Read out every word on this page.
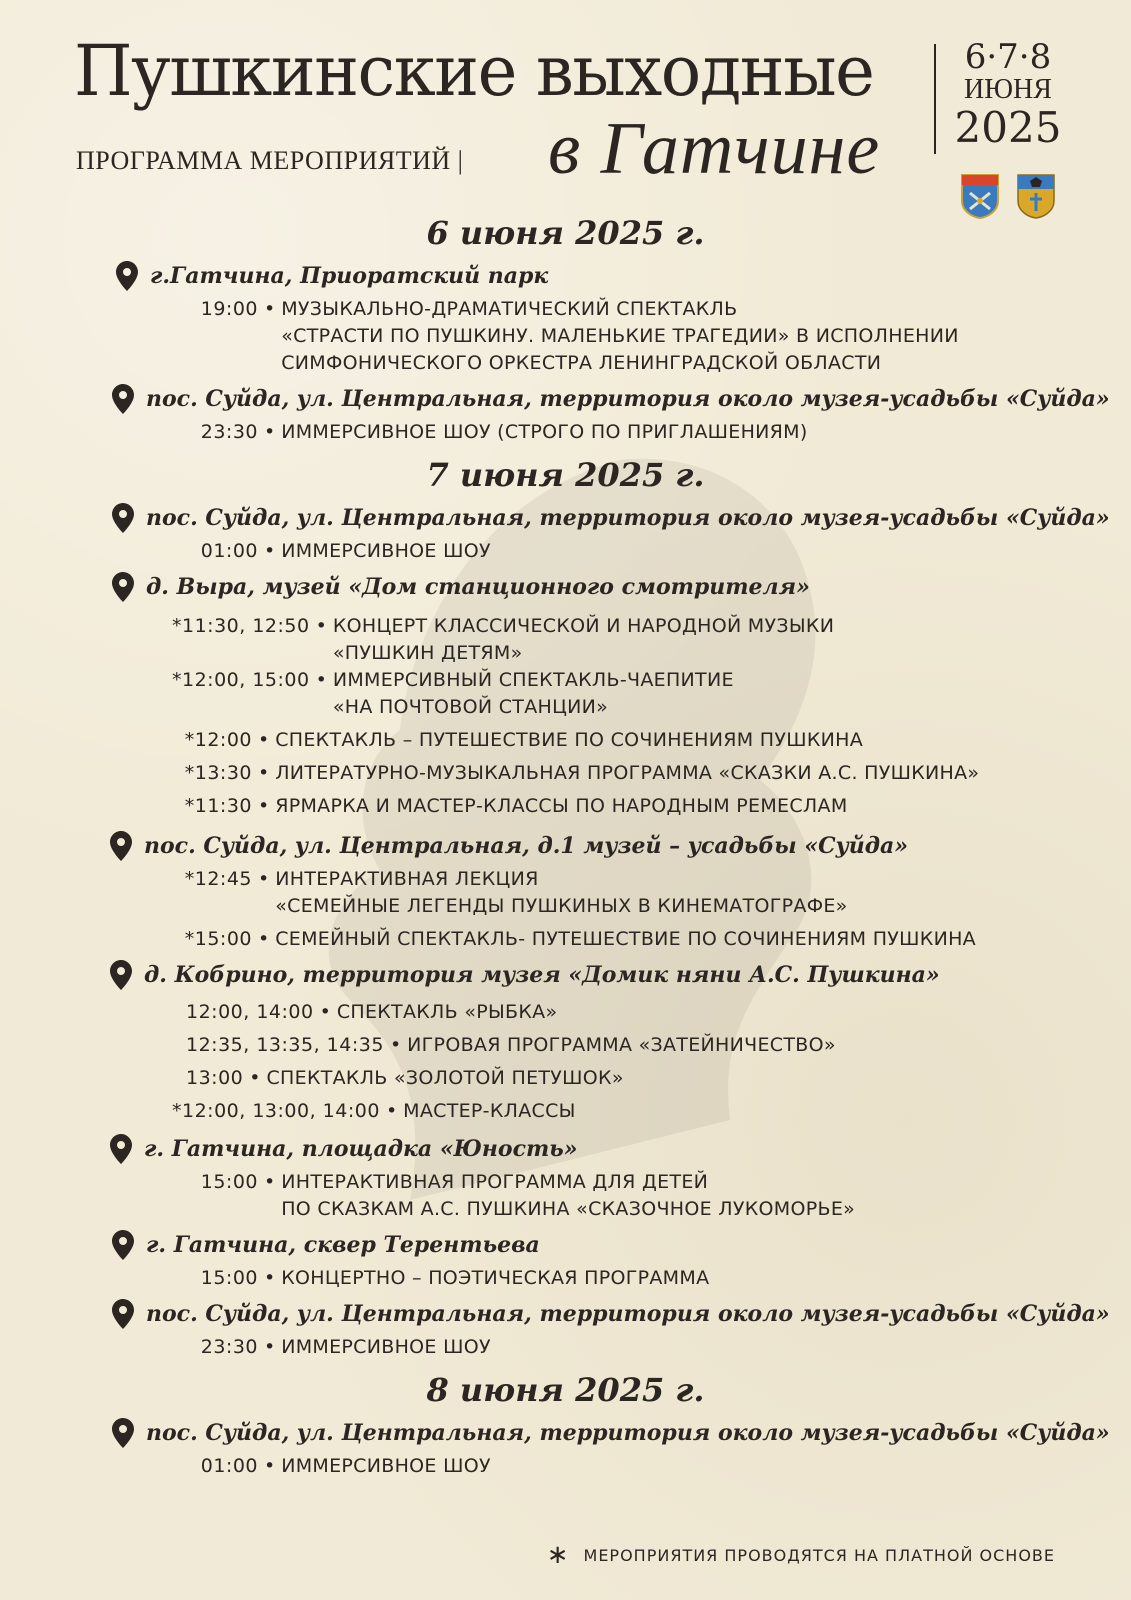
Пушкинские выходные
ПРОГРАММА МЕРОПРИЯТИЙ | в Гатчине
6·7·8
ИЮНЯ
2025
6 июня 2025 г.
г.Гатчина, Приоратский парк
19:00 • МУЗЫКАЛЬНО-ДРАМАТИЧЕСКИЙ СПЕКТАКЛЬ
«СТРАСТИ ПО ПУШКИНУ. МАЛЕНЬКИЕ ТРАГЕДИИ» В ИСПОЛНЕНИИ
СИМФОНИЧЕСКОГО ОРКЕСТРА ЛЕНИНГРАДСКОЙ ОБЛАСТИ
пос. Суйда, ул. Центральная, территория около музея-усадьбы «Суйда»
23:30 • ИММЕРСИВНОЕ ШОУ (СТРОГО ПО ПРИГЛАШЕНИЯМ)
7 июня 2025 г.
пос. Суйда, ул. Центральная, территория около музея-усадьбы «Суйда»
01:00 • ИММЕРСИВНОЕ ШОУ
д. Выра, музей «Дом станционного смотрителя»
*11:30, 12:50 • КОНЦЕРТ КЛАССИЧЕСКОЙ И НАРОДНОЙ МУЗЫКИ
«ПУШКИН ДЕТЯМ»
*12:00, 15:00 • ИММЕРСИВНЫЙ СПЕКТАКЛЬ-ЧАЕПИТИЕ
«НА ПОЧТОВОЙ СТАНЦИИ»
*12:00 • СПЕКТАКЛЬ – ПУТЕШЕСТВИЕ ПО СОЧИНЕНИЯМ ПУШКИНА
*13:30 • ЛИТЕРАТУРНО-МУЗЫКАЛЬНАЯ ПРОГРАММА «СКАЗКИ А.С. ПУШКИНА»
*11:30 • ЯРМАРКА И МАСТЕР-КЛАССЫ ПО НАРОДНЫМ РЕМЕСЛАМ
пос. Суйда, ул. Центральная, д.1 музей – усадьбы «Суйда»
*12:45 • ИНТЕРАКТИВНАЯ ЛЕКЦИЯ
«СЕМЕЙНЫЕ ЛЕГЕНДЫ ПУШКИНЫХ В КИНЕМАТОГРАФЕ»
*15:00 • СЕМЕЙНЫЙ СПЕКТАКЛЬ- ПУТЕШЕСТВИЕ ПО СОЧИНЕНИЯМ ПУШКИНА
д. Кобрино, территория музея «Домик няни А.С. Пушкина»
12:00, 14:00 • СПЕКТАКЛЬ «РЫБКА»
12:35, 13:35, 14:35 • ИГРОВАЯ ПРОГРАММА «ЗАТЕЙНИЧЕСТВО»
13:00 • СПЕКТАКЛЬ «ЗОЛОТОЙ ПЕТУШОК»
*12:00, 13:00, 14:00 • МАСТЕР-КЛАССЫ
г. Гатчина, площадка «Юность»
15:00 • ИНТЕРАКТИВНАЯ ПРОГРАММА ДЛЯ ДЕТЕЙ
ПО СКАЗКАМ А.С. ПУШКИНА «СКАЗОЧНОЕ ЛУКОМОРЬЕ»
г. Гатчина, сквер Терентьева
15:00 • КОНЦЕРТНО – ПОЭТИЧЕСКАЯ ПРОГРАММА
пос. Суйда, ул. Центральная, территория около музея-усадьбы «Суйда»
23:30 • ИММЕРСИВНОЕ ШОУ
8 июня 2025 г.
пос. Суйда, ул. Центральная, территория около музея-усадьбы «Суйда»
01:00 • ИММЕРСИВНОЕ ШОУ
∗ МЕРОПРИЯТИЯ ПРОВОДЯТСЯ НА ПЛАТНОЙ ОСНОВЕ
